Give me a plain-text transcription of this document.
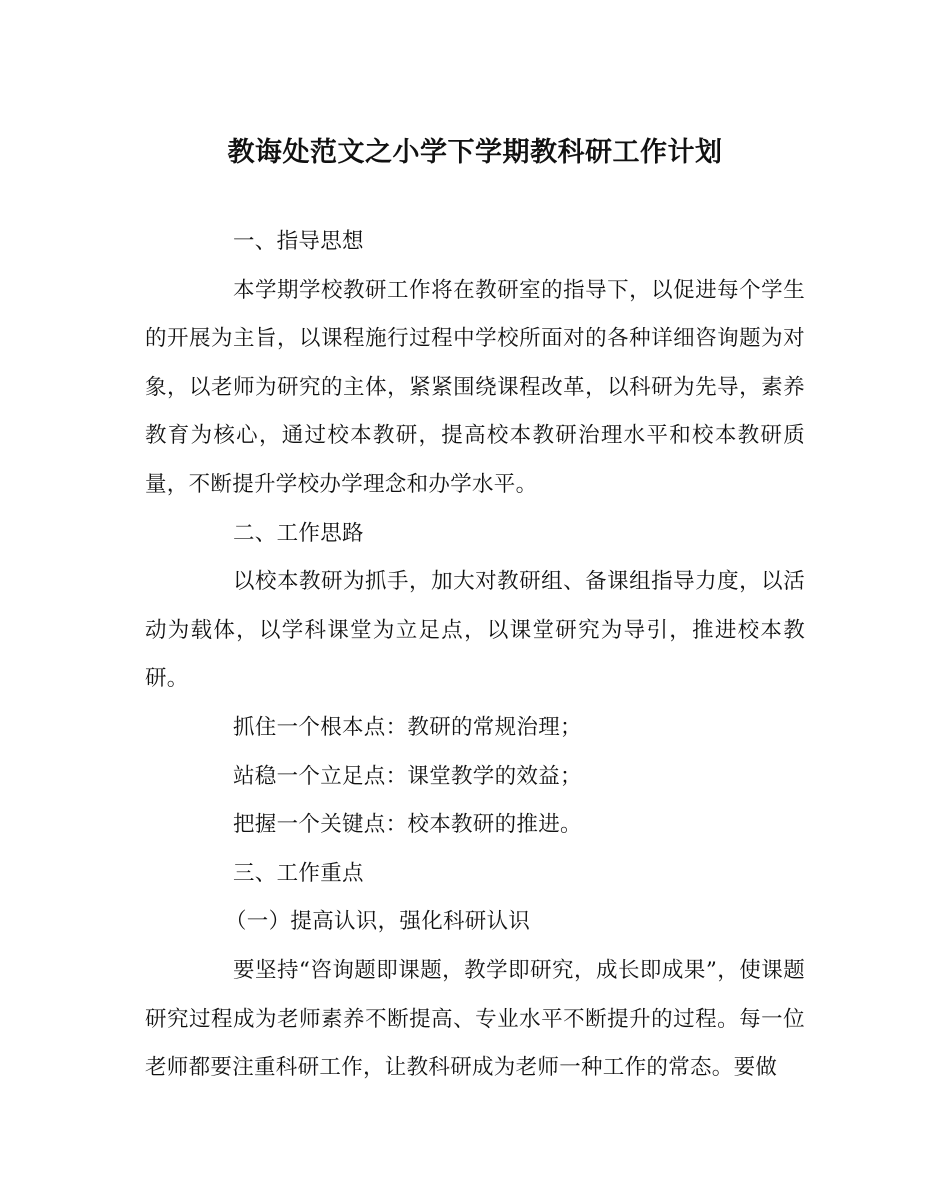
教诲处范文之小学下学期教科研工作计划

一、指导思想

本学期学校教研工作将在教研室的指导下，以促进每个学生的开展为主旨，以课程施行过程中学校所面对的各种详细咨询题为对象，以老师为研究的主体，紧紧围绕课程改革，以科研为先导，素养教育为核心，通过校本教研，提高校本教研治理水平和校本教研质量，不断提升学校办学理念和办学水平。

二、工作思路

以校本教研为抓手，加大对教研组、备课组指导力度，以活动为载体，以学科课堂为立足点，以课堂研究为导引，推进校本教研。

抓住一个根本点：教研的常规治理；

站稳一个立足点：课堂教学的效益；

把握一个关键点：校本教研的推进。

三、工作重点

（一）提高认识，强化科研认识

要坚持“咨询题即课题，教学即研究，成长即成果”，使课题研究过程成为老师素养不断提高、专业水平不断提升的过程。每一位老师都要注重科研工作，让教科研成为老师一种工作的常态。要做
